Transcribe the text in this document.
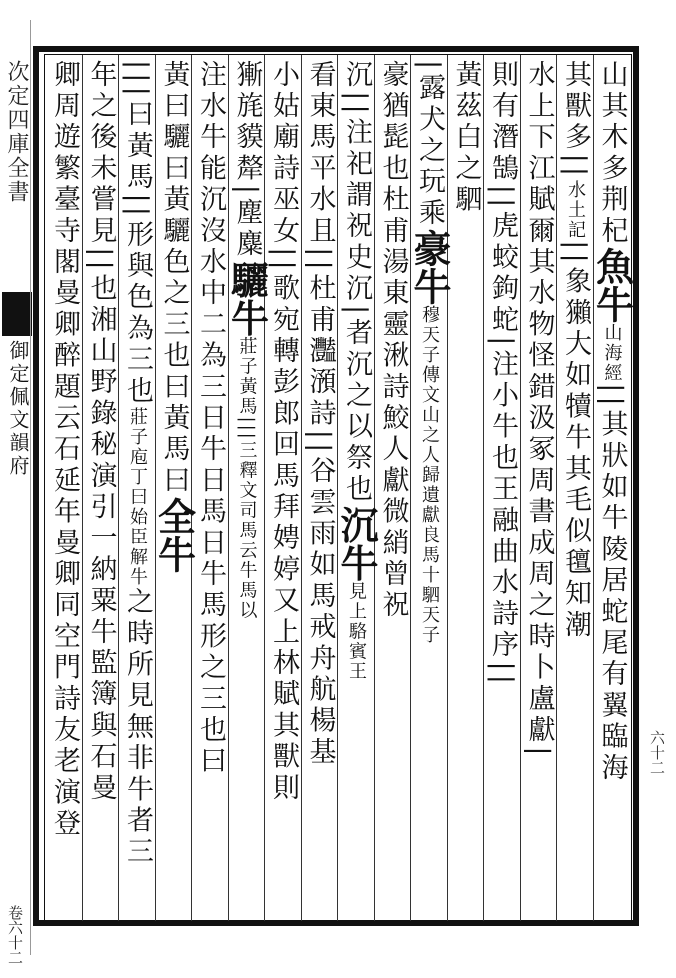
次定四庫全書
御定佩文韻府
卷六十二
山其木多荆杞魚牛山海經||其狀如牛陵居蛇尾有翼臨海
其獸多||水土記||象獺大如犢牛其毛似氊知潮
水上下江賦爾其水物怪錯汲冢周書成周之時卜盧獻|
則有潛鵠||虎蛟鉤蛇|注小牛也王融曲水詩序||
黃茲白之駟
|露犬之玩乘豪牛穆天子傳文山之人歸遺獻良馬十駟天子
豪猶髭也杜甫湯東靈湫詩鮫人獻微綃曾祝
沉||注祀謂祝史沉|者沉之以祭也沉牛見上駱賓王
看東馬平水且||杜甫灩澦詩||谷雲雨如馬戒舟航楊基
小姑廟詩巫女||歌宛轉彭郎回馬拜娉婷又上林賦其獸則
獑旄貘犛|塵麋驪牛莊子黃馬|||三釋文司馬云牛馬以
注水牛能沉沒水中二為三日牛日馬日牛馬形之三也曰
黃曰驪曰黃驪色之三也曰黃馬曰全牛
|||曰黃馬||形與色為三也莊子庖丁曰始臣解牛之時所見無非牛者三
年之後未嘗見||也湘山野錄秘演引一納粟牛監簿與石曼
卿周遊繁臺寺閣曼卿醉題云石延年曼卿同空門詩友老演登	六十二
